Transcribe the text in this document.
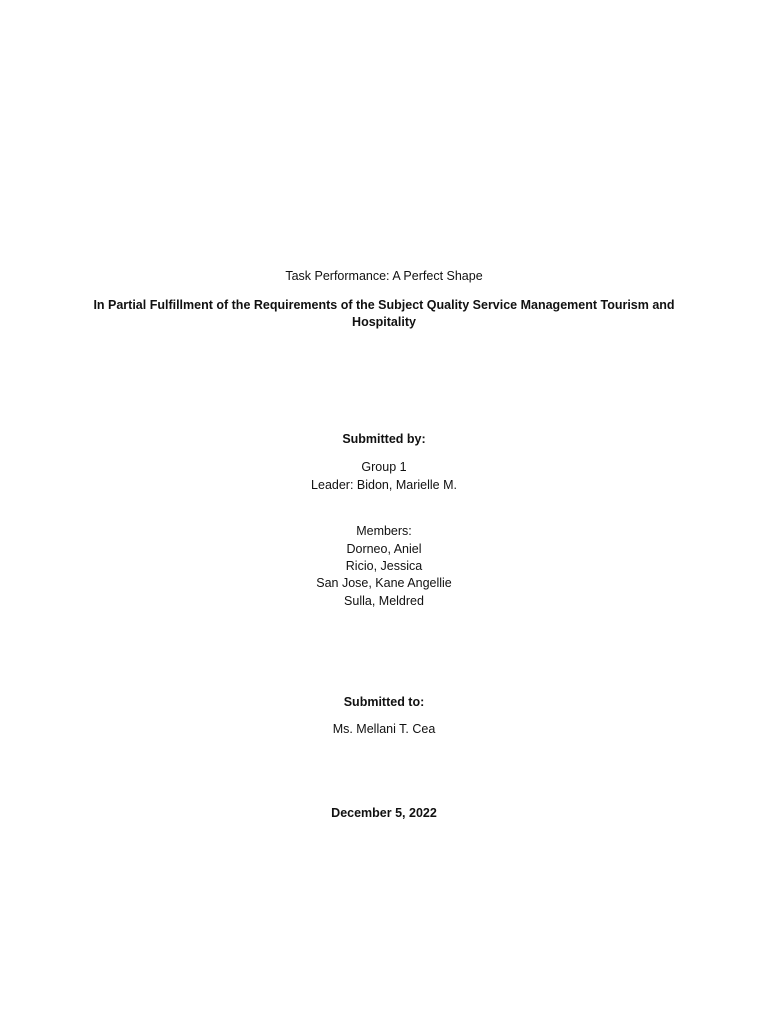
Task Performance: A Perfect Shape
In Partial Fulfillment of the Requirements of the Subject Quality Service Management Tourism and Hospitality
Submitted by:
Group 1
Leader: Bidon, Marielle M.
Members:
Dorneo, Aniel
Ricio, Jessica
San Jose, Kane Angellie
Sulla, Meldred
Submitted to:
Ms. Mellani T. Cea
December 5, 2022
